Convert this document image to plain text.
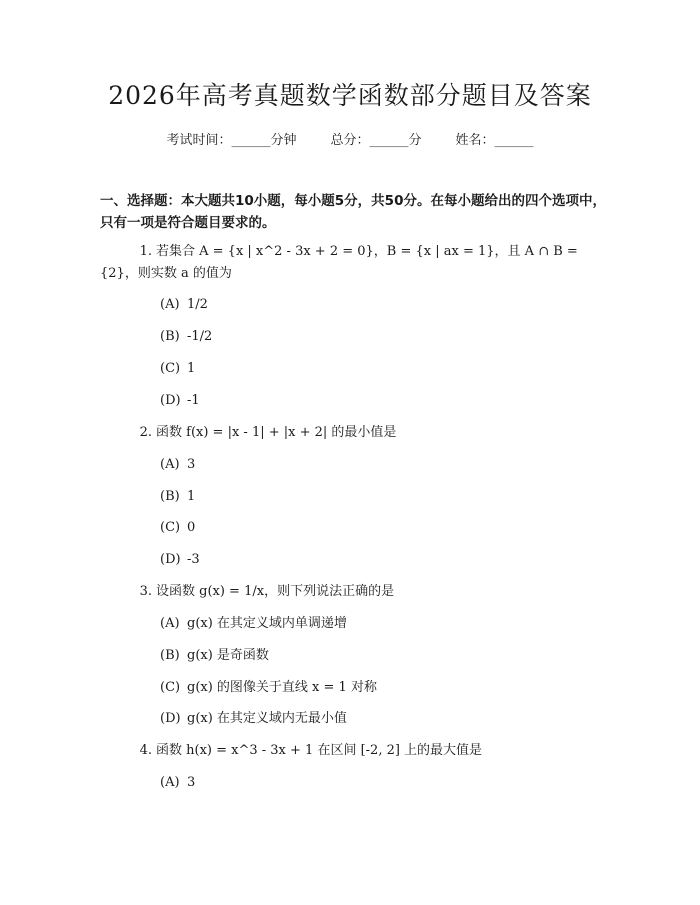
2026年高考真题数学函数部分题目及答案
考试时间：______分钟	总分：______分	姓名：______
一、选择题：本大题共10小题，每小题5分，共50分。在每小题给出的四个选项中，只有一项是符合题目要求的。
1. 若集合 A = {x | x^2 - 3x + 2 = 0}，B = {x | ax = 1}，且 A ∩ B = {2}，则实数 a 的值为
(A) 1/2
(B) -1/2
(C) 1
(D) -1
2. 函数 f(x) = |x - 1| + |x + 2| 的最小值是
(A) 3
(B) 1
(C) 0
(D) -3
3. 设函数 g(x) = 1/x，则下列说法正确的是
(A) g(x) 在其定义域内单调递增
(B) g(x) 是奇函数
(C) g(x) 的图像关于直线 x = 1 对称
(D) g(x) 在其定义域内无最小值
4. 函数 h(x) = x^3 - 3x + 1 在区间 [-2, 2] 上的最大值是
(A) 3
